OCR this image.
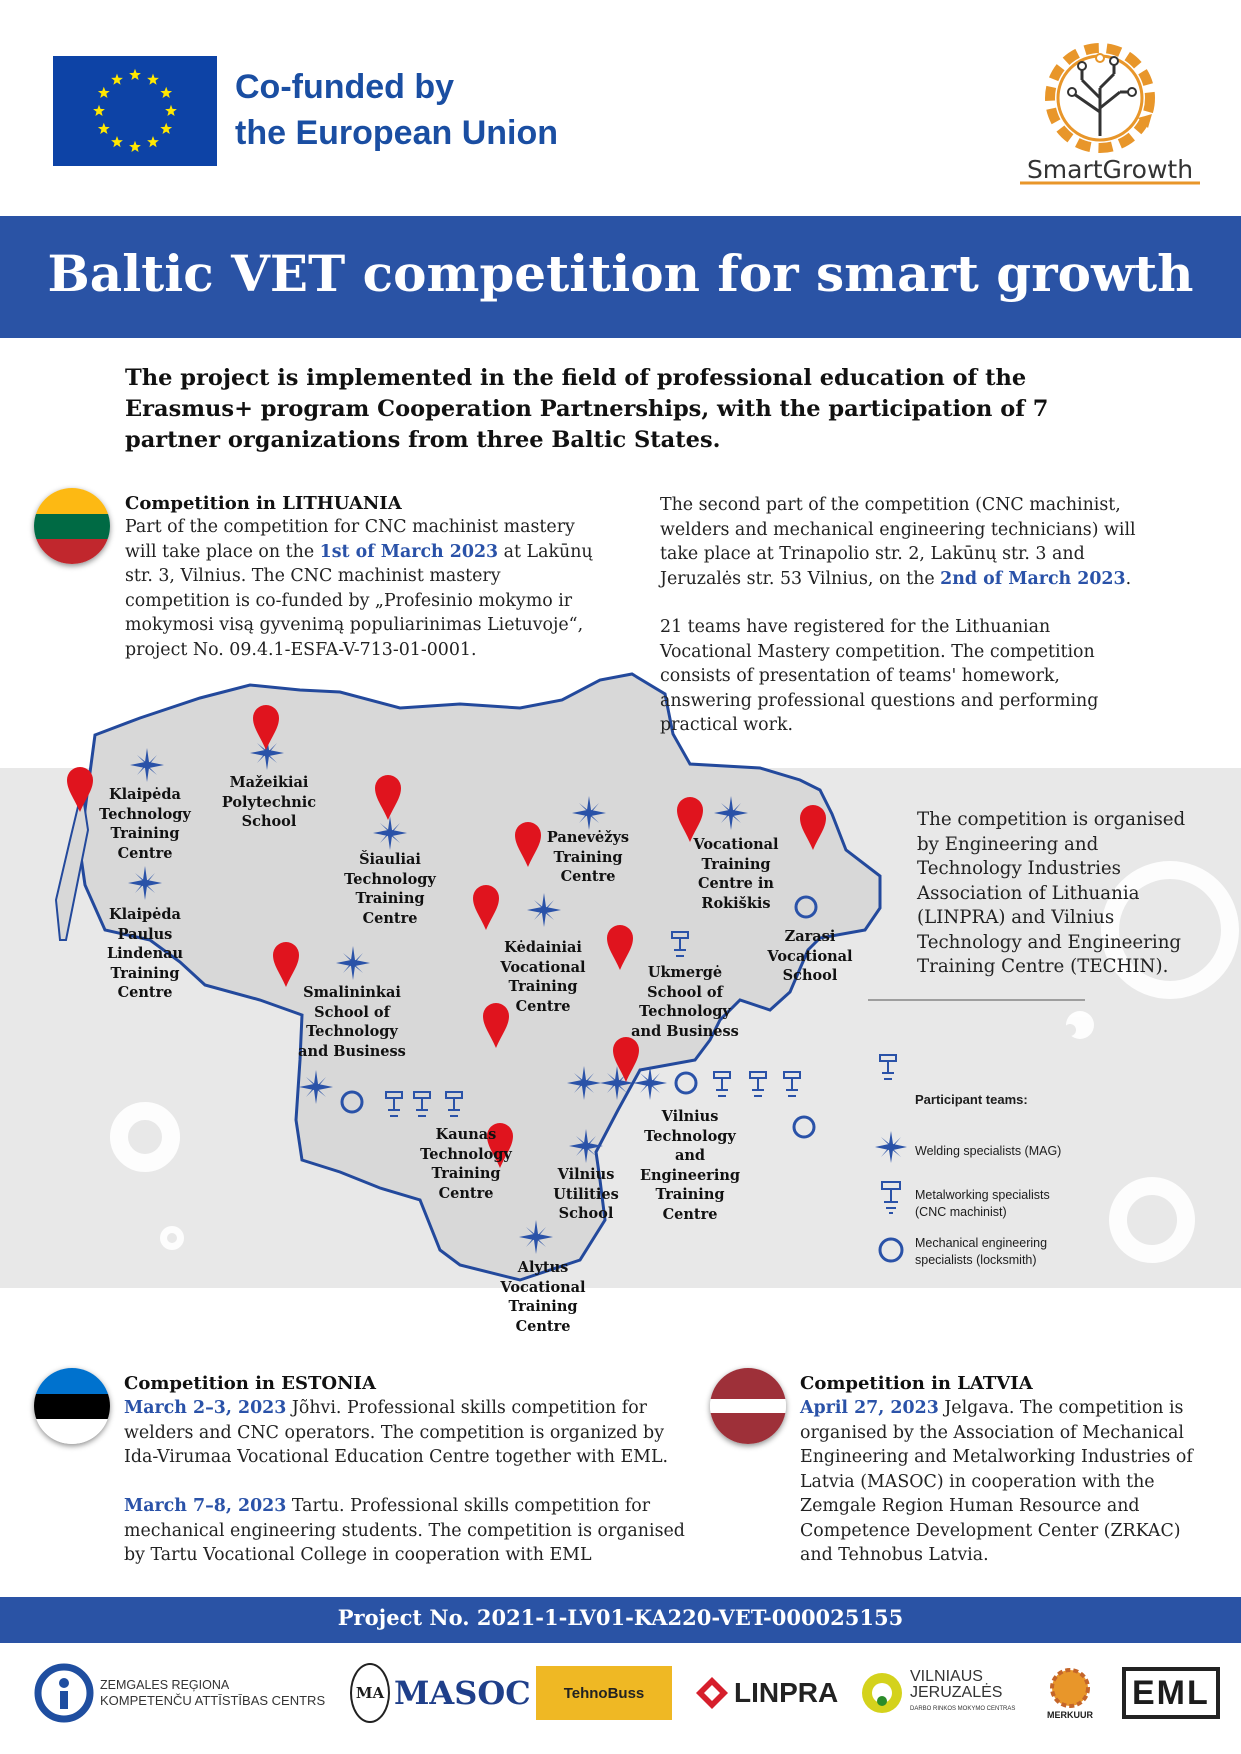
Co-funded by
the European Union
SmartGrowth
Baltic VET competition for smart growth
The project is implemented in the field of professional education of the Erasmus+ program Cooperation Partnerships, with the participation of 7 partner organizations from three Baltic States.
Klaipėda Technology Training Centre
Mažeikiai Polytechnic School
Šiauliai Technology Training Centre
Panevėžys Training Centre
Vocational Training Centre in Rokiškis
Zarasi Vocational School
Klaipėda Paulus Lindenau Training Centre
Kėdainiai Vocational Training Centre
Ukmergė School of Technology and Business
Smalininkai School of Technology and Business
Kaunas Technology Training Centre
Vilnius Utilities School
Vilnius Technology and Engineering Training Centre
Alytus Vocational Training Centre
Participant teams:
Welding specialists (MAG)
Metalworking specialists
(CNC machinist)
Mechanical engineering
specialists (locksmith)
Competition in LITHUANIA
Part of the competition for CNC machinist mastery will take place on the 1st of March 2023 at Lakūnų str. 3, Vilnius. The CNC machinist mastery competition is co-funded by „Profesinio mokymo ir mokymosi visą gyvenimą populiarinimas Lietuvoje“, project No. 09.4.1-ESFA-V-713-01-0001.
The second part of the competition (CNC machinist, welders and mechanical engineering technicians) will take place at Trinapolio str. 2, Lakūnų str. 3 and Jeruzalės str. 53 Vilnius, on the 2nd of March 2023.
21 teams have registered for the Lithuanian Vocational Mastery competition. The competition consists of presentation of teams' homework, answering professional questions and performing practical work.
The competition is organised by Engineering and Technology Industries Association of Lithuania (LINPRA) and Vilnius Technology and Engineering Training Centre (TECHIN).
Competition in ESTONIA
March 2–3, 2023 Jõhvi. Professional skills competition for welders and CNC operators. The competition is organized by Ida-Virumaa Vocational Education Centre together with EML.
March 7–8, 2023 Tartu. Professional skills competition for mechanical engineering students. The competition is organised by Tartu Vocational College in cooperation with EML
Competition in LATVIA
April 27, 2023 Jelgava. The competition is organised by the Association of Mechanical Engineering and Metalworking Industries of Latvia (MASOC) in cooperation with the Zemgale Region Human Resource and Competence Development Center (ZRKAC) and Tehnobus Latvia.
Project No. 2021-1-LV01-KA220-VET-000025155
ZEMGALES REĢIONA
KOMPETENČU ATTĪSTĪBAS CENTRS	MA MASOC TehnoBuss	LINPRA
VILNIAUS
JERUZALĖS
DARBO RINKOS MOKYMO CENTRAS
MERKUUR
EML
